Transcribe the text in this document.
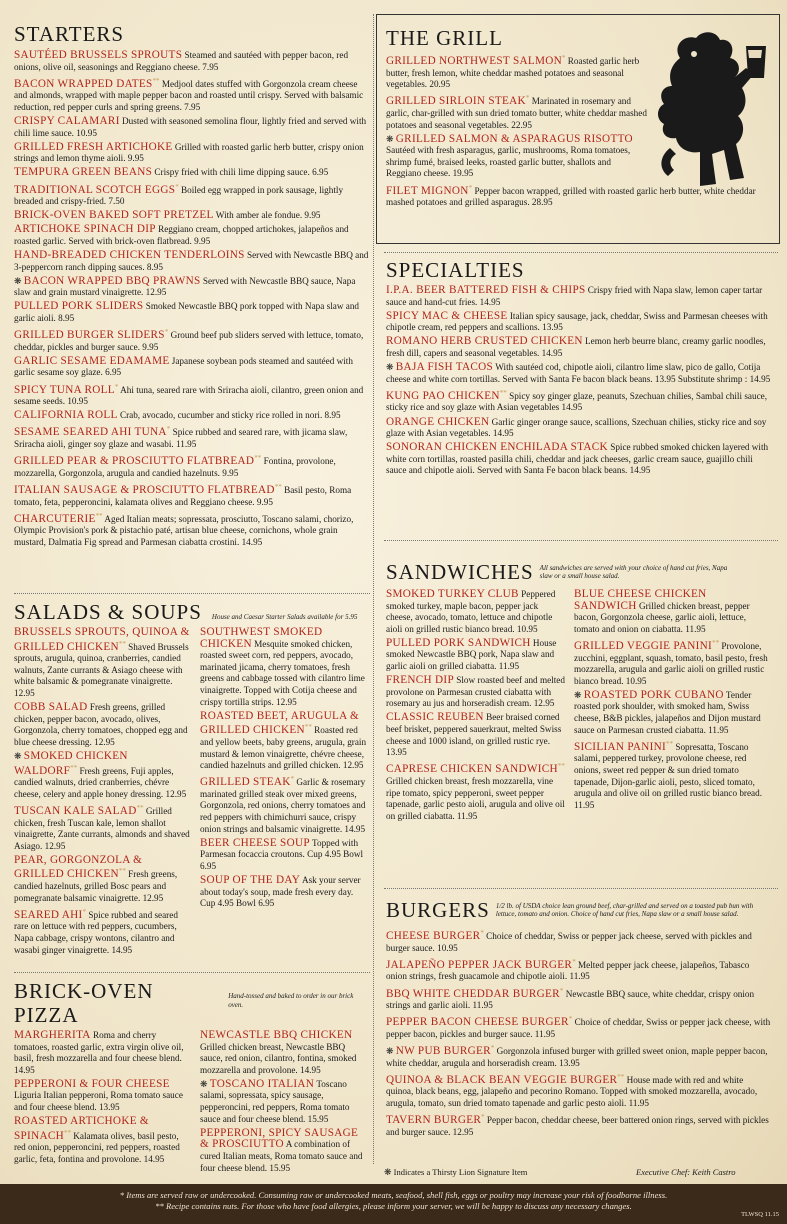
STARTERS
SAUTÉED BRUSSELS SPROUTS Steamed and sautéed with pepper bacon, red onions, olive oil, seasonings and Reggiano cheese. 7.95
BACON WRAPPED DATES** Medjool dates stuffed with Gorgonzola cream cheese and almonds, wrapped with maple pepper bacon and roasted until crispy. Served with balsamic reduction, red pepper curls and spring greens. 7.95
CRISPY CALAMARI Dusted with seasoned semolina flour, lightly fried and served with chili lime sauce. 10.95
GRILLED FRESH ARTICHOKE Grilled with roasted garlic herb butter, crispy onion strings and lemon thyme aioli. 9.95
TEMPURA GREEN BEANS Crispy fried with chili lime dipping sauce. 6.95
TRADITIONAL SCOTCH EGGS* Boiled egg wrapped in pork sausage, lightly breaded and crispy-fried. 7.50
BRICK-OVEN BAKED SOFT PRETZEL With amber ale fondue. 9.95
ARTICHOKE SPINACH DIP Reggiano cream, chopped artichokes, jalapeños and roasted garlic. Served with brick-oven flatbread. 9.95
HAND-BREADED CHICKEN TENDERLOINS Served with Newcastle BBQ and 3-peppercorn ranch dipping sauces. 8.95
❋ BACON WRAPPED BBQ PRAWNS Served with Newcastle BBQ sauce, Napa slaw and grain mustard vinaigrette. 12.95
PULLED PORK SLIDERS Smoked Newcastle BBQ pork topped with Napa slaw and garlic aioli. 8.95
GRILLED BURGER SLIDERS* Ground beef pub sliders served with lettuce, tomato, cheddar, pickles and burger sauce. 9.95
GARLIC SESAME EDAMAME Japanese soybean pods steamed and sautéed with garlic sesame soy glaze. 6.95
SPICY TUNA ROLL* Ahi tuna, seared rare with Sriracha aioli, cilantro, green onion and sesame seeds. 10.95
CALIFORNIA ROLL Crab, avocado, cucumber and sticky rice rolled in nori. 8.95
SESAME SEARED AHI TUNA* Spice rubbed and seared rare, with jicama slaw, Sriracha aioli, ginger soy glaze and wasabi. 11.95
GRILLED PEAR & PROSCIUTTO FLATBREAD** Fontina, provolone, mozzarella, Gorgonzola, arugula and candied hazelnuts. 9.95
ITALIAN SAUSAGE & PROSCIUTTO FLATBREAD** Basil pesto, Roma tomato, feta, pepperoncini, kalamata olives and Reggiano cheese. 9.95
CHARCUTERIE** Aged Italian meats; sopressata, prosciutto, Toscano salami, chorizo, Olympic Provision's pork & pistachio paté, artisan blue cheese, cornichons, whole grain mustard, Dalmatia Fig spread and Parmesan ciabatta crostini. 14.95
SALADS & SOUPS House and Caesar Starter Salads available for 5.95
BRUSSELS SPROUTS, QUINOA & GRILLED CHICKEN** Shaved Brussels sprouts, arugula, quinoa, cranberries, candied walnuts, Zante currants & Asiago cheese with white balsamic & pomegranate vinaigrette. 12.95
COBB SALAD Fresh greens, grilled chicken, pepper bacon, avocado, olives, Gorgonzola, cherry tomatoes, chopped egg and blue cheese dressing. 12.95
❋ SMOKED CHICKEN WALDORF** Fresh greens, Fuji apples, candied walnuts, dried cranberries, chévre cheese, celery and apple honey dressing. 12.95
TUSCAN KALE SALAD** Grilled chicken, fresh Tuscan kale, lemon shallot vinaigrette, Zante currants, almonds and shaved Asiago. 12.95
PEAR, GORGONZOLA & GRILLED CHICKEN** Fresh greens, candied hazelnuts, grilled Bosc pears and pomegranate balsamic vinaigrette. 12.95
SEARED AHI* Spice rubbed and seared rare on lettuce with red peppers, cucumbers, Napa cabbage, crispy wontons, cilantro and wasabi ginger vinaigrette. 14.95
SOUTHWEST SMOKED CHICKEN Mesquite smoked chicken, roasted sweet corn, red peppers, avocado, marinated jicama, cherry tomatoes, fresh greens and cabbage tossed with cilantro lime vinaigrette. Topped with Cotija cheese and crispy tortilla strips. 12.95
ROASTED BEET, ARUGULA & GRILLED CHICKEN** Roasted red and yellow beets, baby greens, arugula, grain mustard & lemon vinaigrette, chévre cheese, candied hazelnuts and grilled chicken. 12.95
GRILLED STEAK* Garlic & rosemary marinated grilled steak over mixed greens, Gorgonzola, red onions, cherry tomatoes and red peppers with chimichurri sauce, crispy onion strings and balsamic vinaigrette. 14.95
BEER CHEESE SOUP Topped with Parmesan focaccia croutons. Cup 4.95 Bowl 6.95
SOUP OF THE DAY Ask your server about today's soup, made fresh every day. Cup 4.95 Bowl 6.95
BRICK-OVEN PIZZA
Hand-tossed and baked to order in our brick oven.
MARGHERITA Roma and cherry tomatoes, roasted garlic, extra virgin olive oil, basil, fresh mozzarella and four cheese blend. 14.95
PEPPERONI & FOUR CHEESE Liguria Italian pepperoni, Roma tomato sauce and four cheese blend. 13.95
ROASTED ARTICHOKE & SPINACH** Kalamata olives, basil pesto, red onion, pepperoncini, red peppers, roasted garlic, feta, fontina and provolone. 14.95
NEWCASTLE BBQ CHICKEN Grilled chicken breast, Newcastle BBQ sauce, red onion, cilantro, fontina, smoked mozzarella and provolone. 14.95
❋ TOSCANO ITALIAN Toscano salami, sopressata, spicy sausage, pepperoncini, red peppers, Roma tomato sauce and four cheese blend. 15.95
PEPPERONI, SPICY SAUSAGE & PROSCIUTTO A combination of cured Italian meats, Roma tomato sauce and four cheese blend. 15.95
THE GRILL
GRILLED NORTHWEST SALMON* Roasted garlic herb butter, fresh lemon, white cheddar mashed potatoes and seasonal vegetables. 20.95
GRILLED SIRLOIN STEAK* Marinated in rosemary and garlic, char-grilled with sun dried tomato butter, white cheddar mashed potatoes and seasonal vegetables. 22.95
❋ GRILLED SALMON & ASPARAGUS RISOTTO Sautéed with fresh asparagus, garlic, mushrooms, Roma tomatoes, shrimp fumé, braised leeks, roasted garlic butter, shallots and Reggiano cheese. 19.95
FILET MIGNON* Pepper bacon wrapped, grilled with roasted garlic herb butter, white cheddar mashed potatoes and grilled asparagus. 28.95
SPECIALTIES
I.P.A. BEER BATTERED FISH & CHIPS Crispy fried with Napa slaw, lemon caper tartar sauce and hand-cut fries. 14.95
SPICY MAC & CHEESE Italian spicy sausage, jack, cheddar, Swiss and Parmesan cheeses with chipotle cream, red peppers and scallions. 13.95
ROMANO HERB CRUSTED CHICKEN Lemon herb beurre blanc, creamy garlic noodles, fresh dill, capers and seasonal vegetables. 14.95
❋ BAJA FISH TACOS With sautéed cod, chipotle aioli, cilantro lime slaw, pico de gallo, Cotija cheese and white corn tortillas. Served with Santa Fe bacon black beans. 13.95 Substitute shrimp : 14.95
KUNG PAO CHICKEN** Spicy soy ginger glaze, peanuts, Szechuan chilies, Sambal chili sauce, sticky rice and soy glaze with Asian vegetables 14.95
ORANGE CHICKEN Garlic ginger orange sauce, scallions, Szechuan chilies, sticky rice and soy glaze with Asian vegetables. 14.95
SONORAN CHICKEN ENCHILADA STACK Spice rubbed smoked chicken layered with white corn tortillas, roasted pasilla chili, cheddar and jack cheeses, garlic cream sauce, guajillo chili sauce and chipotle aioli. Served with Santa Fe bacon black beans. 14.95
SANDWICHES All sandwiches are served with your choice of hand cut fries, Napa slaw or a small house salad.
SMOKED TURKEY CLUB Peppered smoked turkey, maple bacon, pepper jack cheese, avocado, tomato, lettuce and chipotle aioli on grilled rustic bianco bread. 10.95
PULLED PORK SANDWICH House smoked Newcastle BBQ pork, Napa slaw and garlic aioli on grilled ciabatta. 11.95
FRENCH DIP Slow roasted beef and melted provolone on Parmesan crusted ciabatta with rosemary au jus and horseradish cream. 12.95
CLASSIC REUBEN Beer braised corned beef brisket, peppered sauerkraut, melted Swiss cheese and 1000 island, on grilled rustic rye. 13.95
CAPRESE CHICKEN SANDWICH** Grilled chicken breast, fresh mozzarella, vine ripe tomato, spicy pepperoni, sweet pepper tapenade, garlic pesto aioli, arugula and olive oil on grilled ciabatta. 11.95
BLUE CHEESE CHICKEN SANDWICH Grilled chicken breast, pepper bacon, Gorgonzola cheese, garlic aioli, lettuce, tomato and onion on ciabatta. 11.95
GRILLED VEGGIE PANINI** Provolone, zucchini, eggplant, squash, tomato, basil pesto, fresh mozzarella, arugula and garlic aioli on grilled rustic bianco bread. 10.95
❋ ROASTED PORK CUBANO Tender roasted pork shoulder, with smoked ham, Swiss cheese, B&B pickles, jalapeños and Dijon mustard sauce on Parmesan crusted ciabatta. 11.95
SICILIAN PANINI** Sopresatta, Toscano salami, peppered turkey, provolone cheese, red onions, sweet red pepper & sun dried tomato tapenade, Dijon-garlic aioli, pesto, sliced tomato, arugula and olive oil on grilled rustic bianco bread. 11.95
BURGERS 1/2 lb. of USDA choice lean ground beef, char-grilled and served on a toasted pub bun with lettuce, tomato and onion. Choice of hand cut fries, Napa slaw or a small house salad.
CHEESE BURGER* Choice of cheddar, Swiss or pepper jack cheese, served with pickles and burger sauce. 10.95
JALAPEÑO PEPPER JACK BURGER* Melted pepper jack cheese, jalapeños, Tabasco onion strings, fresh guacamole and chipotle aioli. 11.95
BBQ WHITE CHEDDAR BURGER* Newcastle BBQ sauce, white cheddar, crispy onion strings and garlic aioli. 11.95
PEPPER BACON CHEESE BURGER* Choice of cheddar, Swiss or pepper jack cheese, with pepper bacon, pickles and burger sauce. 11.95
❋ NW PUB BURGER* Gorgonzola infused burger with grilled sweet onion, maple pepper bacon, white cheddar, arugula and horseradish cream. 13.95
QUINOA & BLACK BEAN VEGGIE BURGER** House made with red and white quinoa, black beans, egg, jalapeño and pecorino Romano. Topped with smoked mozzarella, avocado, arugula, tomato, sun dried tomato tapenade and garlic pesto aioli. 11.95
TAVERN BURGER* Pepper bacon, cheddar cheese, beer battered onion rings, served with pickles and burger sauce. 12.95
❋ Indicates a Thirsty Lion Signature Item	Executive Chef: Keith Castro
* Items are served raw or undercooked. Consuming raw or undercooked meats, seafood, shell fish, eggs or poultry may increase your risk of foodborne illness.
** Recipe contains nuts. For those who have food allergies, please inform your server, we will be happy to discuss any necessary changes.
TLWSQ 11.15
